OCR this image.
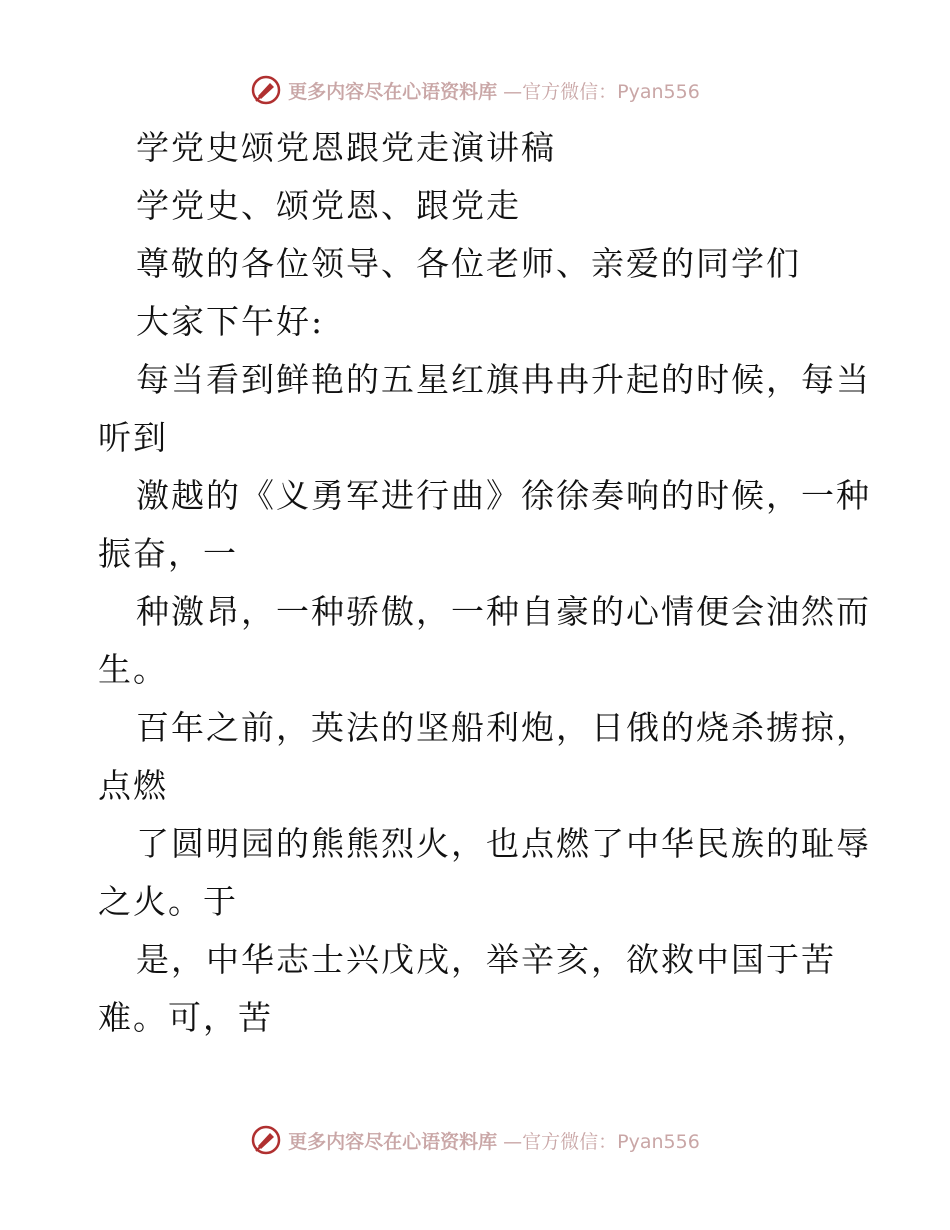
更多内容尽在心语资料库 —官方微信：Pyan556
学党史颂党恩跟党走演讲稿
学党史、颂党恩、跟党走
尊敬的各位领导、各位老师、亲爱的同学们
大家下午好:
每当看到鲜艳的五星红旗冉冉升起的时候，每当
听到
激越的《义勇军进行曲》徐徐奏响的时候，一种
振奋，一
种激昂，一种骄傲，一种自豪的心情便会油然而
生。
百年之前，英法的坚船利炮，日俄的烧杀掳掠，
点燃
了圆明园的熊熊烈火，也点燃了中华民族的耻辱
之火。于
是，中华志士兴戊戌，举辛亥，欲救中国于苦
难。可，苦
更多内容尽在心语资料库 —官方微信：Pyan556
